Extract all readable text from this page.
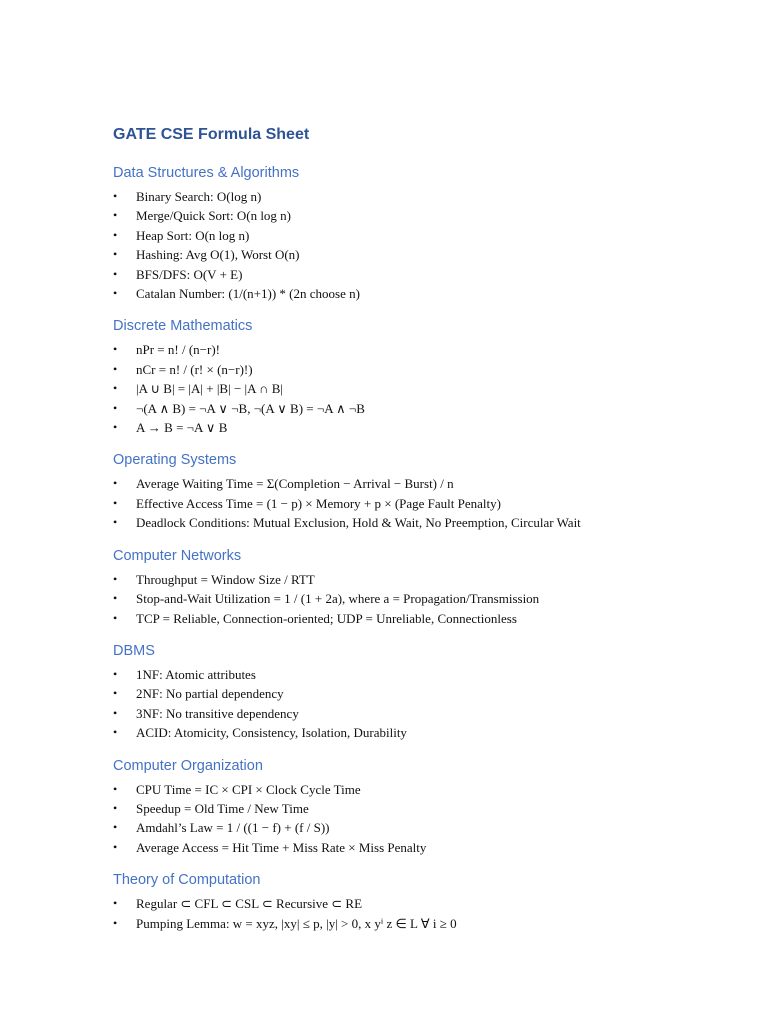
GATE CSE Formula Sheet
Data Structures & Algorithms
• Binary Search: O(log n)
• Merge/Quick Sort: O(n log n)
• Heap Sort: O(n log n)
• Hashing: Avg O(1), Worst O(n)
• BFS/DFS: O(V + E)
• Catalan Number: (1/(n+1)) * (2n choose n)
Discrete Mathematics
• nPr = n! / (n−r)!
• nCr = n! / (r! × (n−r)!)
• |A ∪ B| = |A| + |B| − |A ∩ B|
• ¬(A ∧ B) = ¬A ∨ ¬B, ¬(A ∨ B) = ¬A ∧ ¬B
• A → B = ¬A ∨ B
Operating Systems
• Average Waiting Time = Σ(Completion − Arrival − Burst) / n
• Effective Access Time = (1 − p) × Memory + p × (Page Fault Penalty)
• Deadlock Conditions: Mutual Exclusion, Hold & Wait, No Preemption, Circular Wait
Computer Networks
• Throughput = Window Size / RTT
• Stop-and-Wait Utilization = 1 / (1 + 2a), where a = Propagation/Transmission
• TCP = Reliable, Connection-oriented; UDP = Unreliable, Connectionless
DBMS
• 1NF: Atomic attributes
• 2NF: No partial dependency
• 3NF: No transitive dependency
• ACID: Atomicity, Consistency, Isolation, Durability
Computer Organization
• CPU Time = IC × CPI × Clock Cycle Time
• Speedup = Old Time / New Time
• Amdahl’s Law = 1 / ((1 − f) + (f / S))
• Average Access = Hit Time + Miss Rate × Miss Penalty
Theory of Computation
• Regular ⊂ CFL ⊂ CSL ⊂ Recursive ⊂ RE
• Pumping Lemma: w = xyz, |xy| ≤ p, |y| > 0, x yⁱ z ∈ L ∀ i ≥ 0
